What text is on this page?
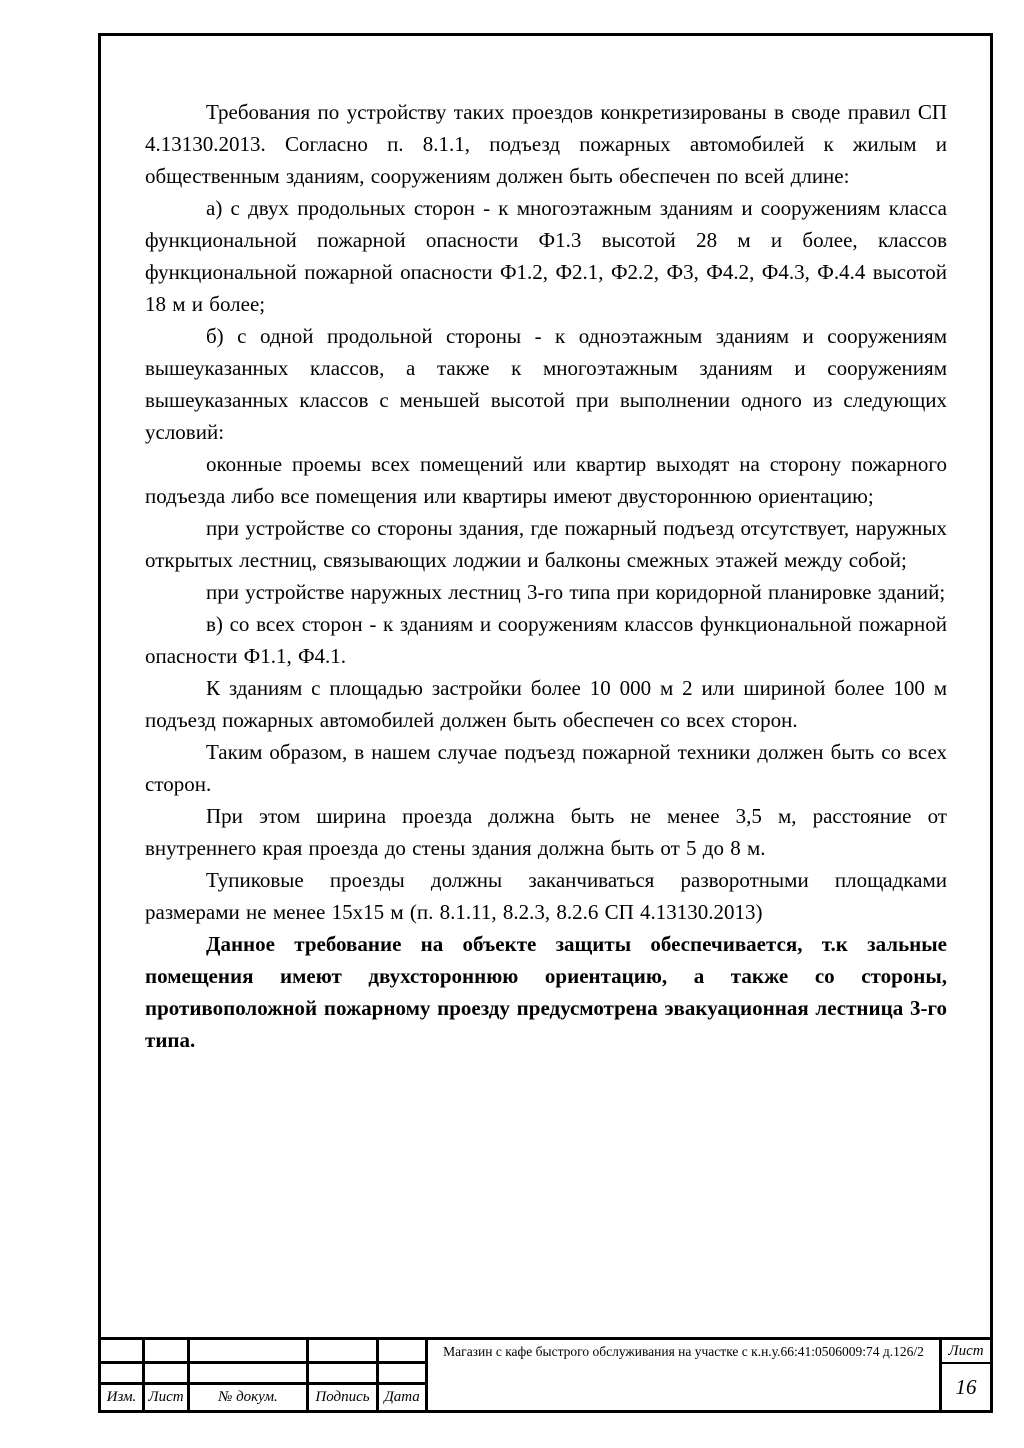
Требования по устройству таких проездов конкретизированы в своде правил СП 4.13130.2013. Согласно п. 8.1.1, подъезд пожарных автомобилей к жилым и общественным зданиям, сооружениям должен быть обеспечен по всей длине:

а) с двух продольных сторон - к многоэтажным зданиям и сооружениям класса функциональной пожарной опасности Ф1.3 высотой 28 м и более, классов функциональной пожарной опасности Ф1.2, Ф2.1, Ф2.2, Ф3, Ф4.2, Ф4.3, Ф.4.4 высотой 18 м и более;

б) с одной продольной стороны - к одноэтажным зданиям и сооружениям вышеуказанных классов, а также к многоэтажным зданиям и сооружениям вышеуказанных классов с меньшей высотой при выполнении одного из следующих условий:

оконные проемы всех помещений или квартир выходят на сторону пожарного подъезда либо все помещения или квартиры имеют двустороннюю ориентацию;

при устройстве со стороны здания, где пожарный подъезд отсутствует, наружных открытых лестниц, связывающих лоджии и балконы смежных этажей между собой;

при устройстве наружных лестниц 3-го типа при коридорной планировке зданий;

в) со всех сторон - к зданиям и сооружениям классов функциональной пожарной опасности Ф1.1, Ф4.1.

К зданиям с площадью застройки более 10 000 м 2 или шириной более 100 м подъезд пожарных автомобилей должен быть обеспечен со всех сторон.

Таким образом, в нашем случае подъезд пожарной техники должен быть со всех сторон.

При этом ширина проезда должна быть не менее 3,5 м, расстояние от внутреннего края проезда до стены здания должна быть от 5 до 8 м.

Тупиковые проезды должны заканчиваться разворотными площадками размерами не менее 15х15 м (п. 8.1.11, 8.2.3, 8.2.6 СП 4.13130.2013)

Данное требование на объекте защиты обеспечивается, т.к зальные помещения имеют двухстороннюю ориентацию, а также со стороны, противоположной пожарному проезду предусмотрена эвакуационная лестница 3-го типа.

Изм. Лист	№ докум.	Подпись Дата
Магазин с кафе быстрого обслуживания на участке с к.н.у.66:41:0506009:74 д.126/2	Лист
16
